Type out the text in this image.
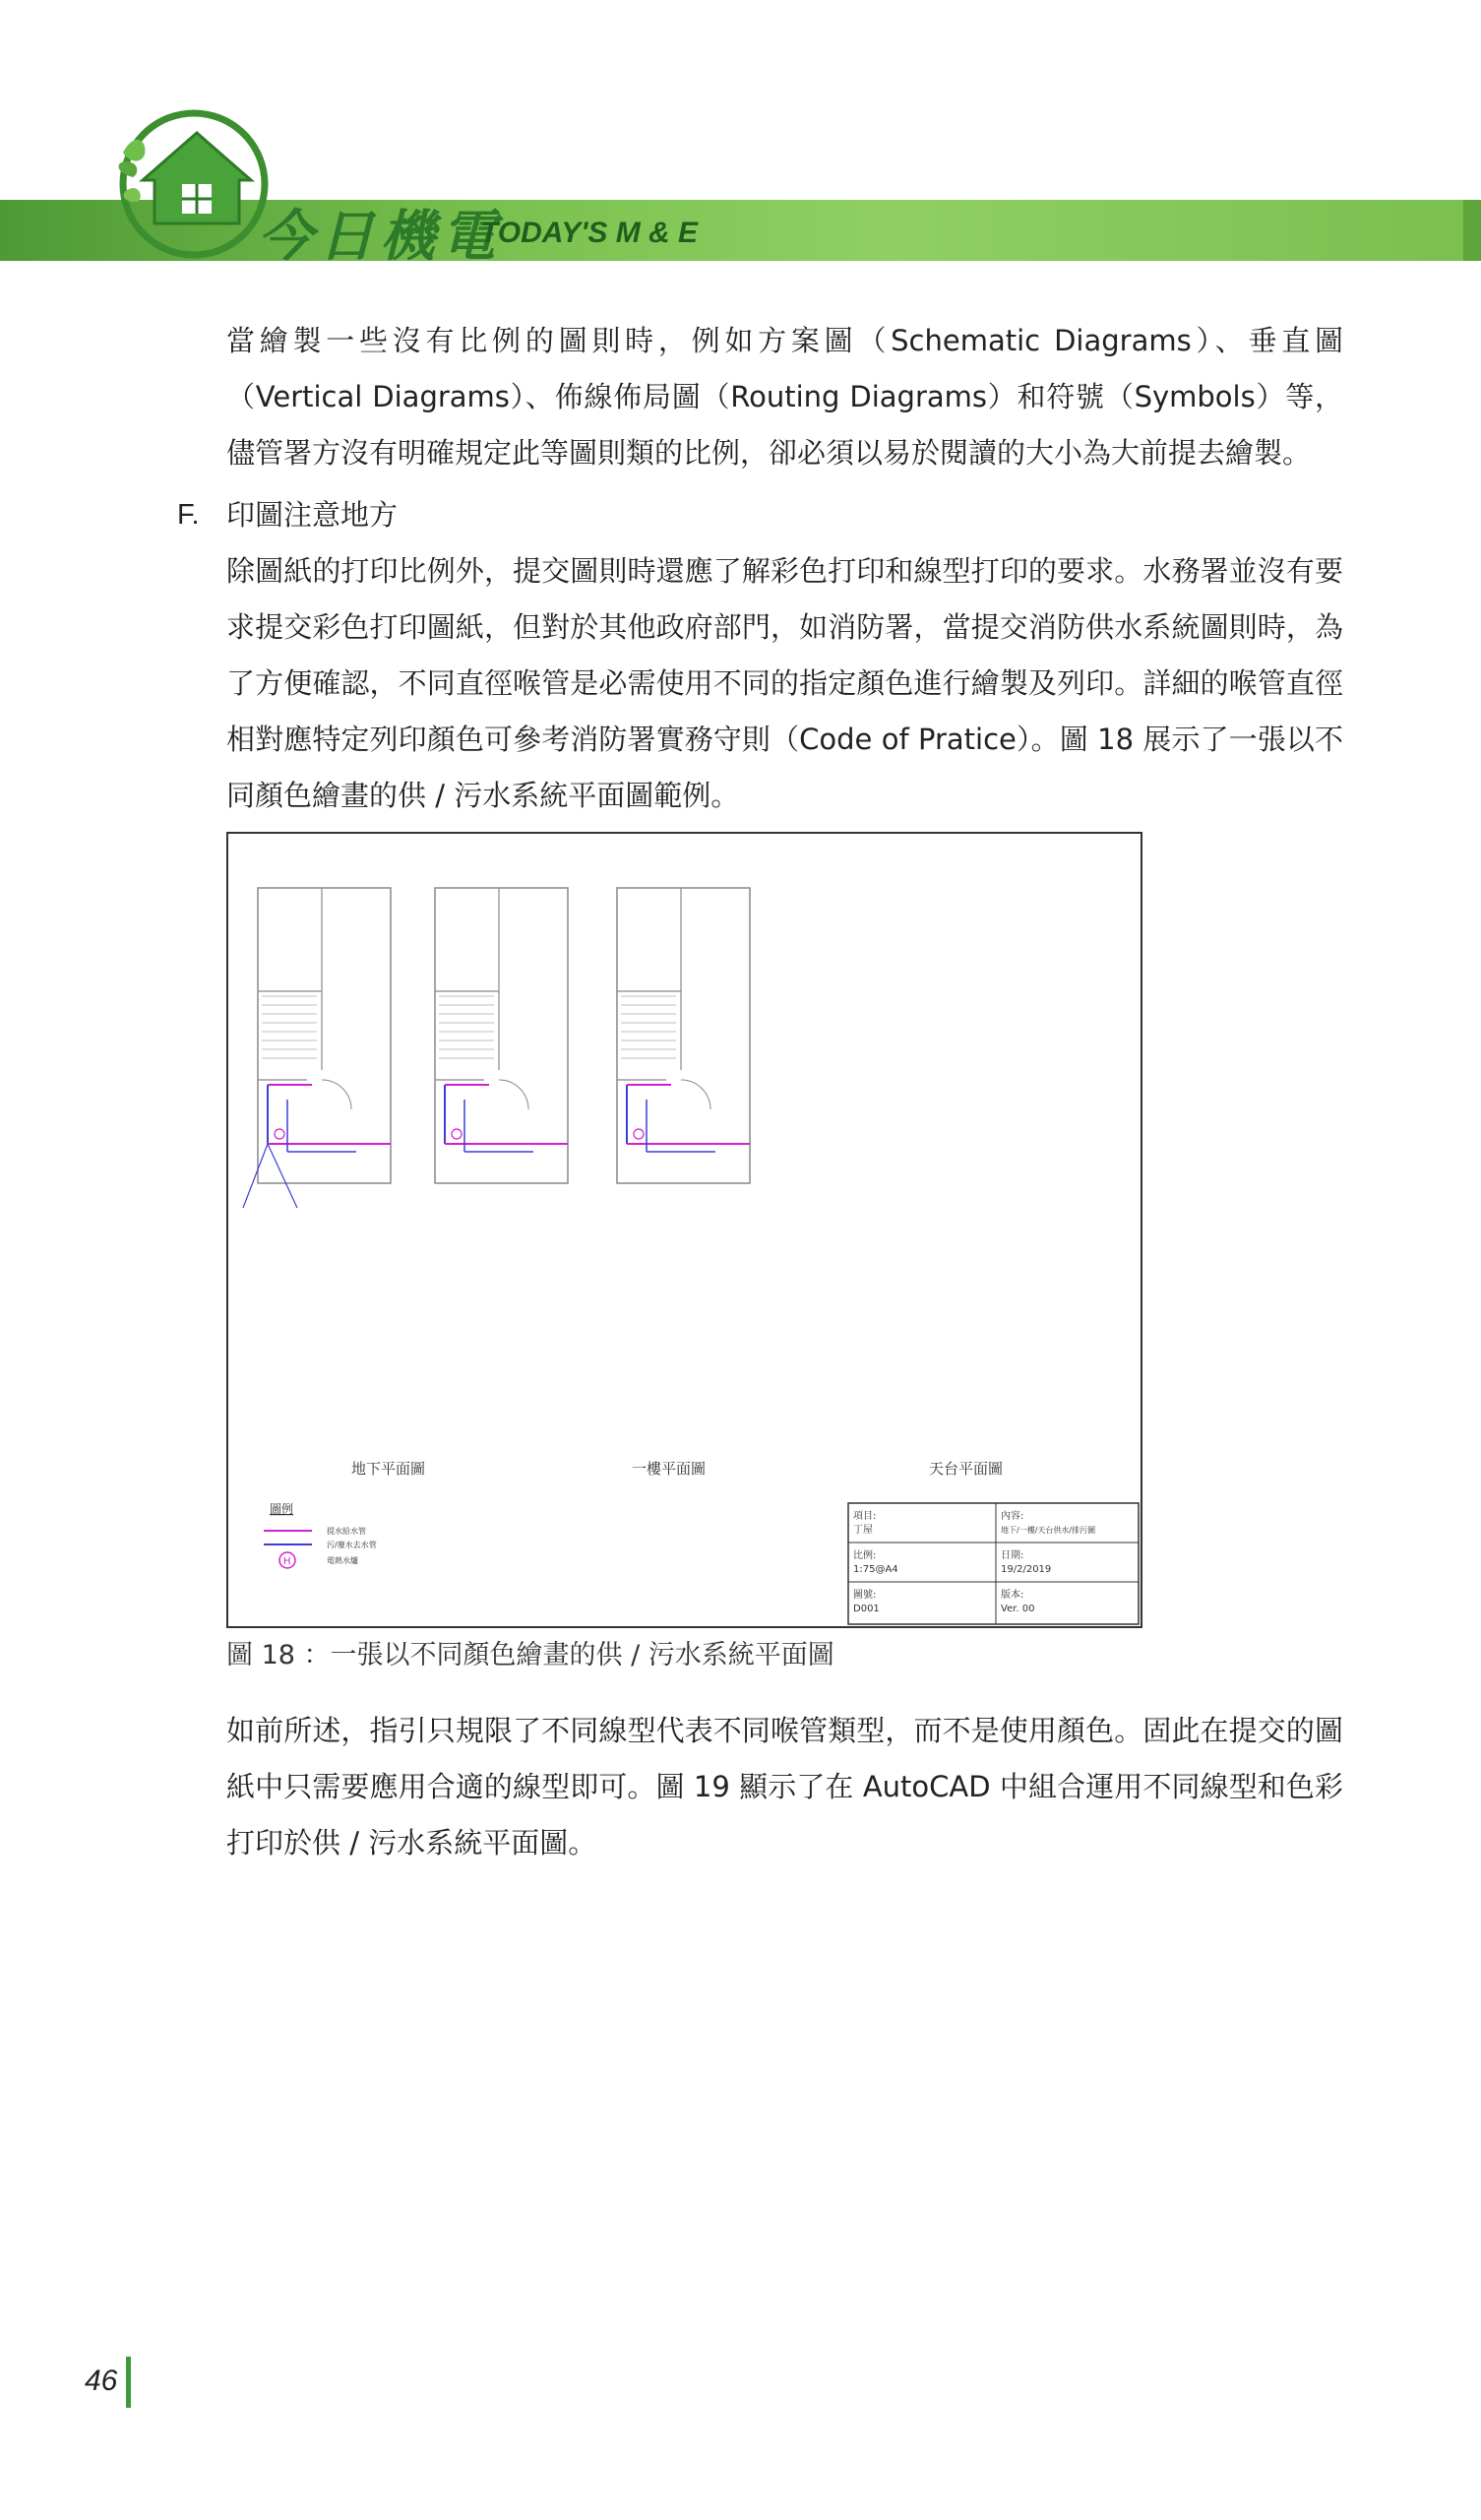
今日機電
TODAY'S M & E

當繪製一些沒有比例的圖則時，例如方案圖（Schematic Diagrams）、垂直圖（Vertical Diagrams）、佈線佈局圖（Routing Diagrams）和符號（Symbols）等，儘管署方沒有明確規定此等圖則類的比例，卻必須以易於閱讀的大小為大前提去繪製。

F. 印圖注意地方

除圖紙的打印比例外，提交圖則時還應了解彩色打印和線型打印的要求。水務署並沒有要求提交彩色打印圖紙，但對於其他政府部門，如消防署，當提交消防供水系統圖則時，為了方便確認，不同直徑喉管是必需使用不同的指定顏色進行繪製及列印。詳細的喉管直徑相對應特定列印顏色可參考消防署實務守則（Code of Pratice）。圖 18 展示了一張以不同顏色繪畫的供 / 污水系統平面圖範例。

地下平面圖	一樓平面圖	天台平面圖
圖例
提水給水管
污/廢水去水管
H	電熱水爐
項目:
丁屋
內容:
地下/一樓/天台供水/排污圖
比例:
1:75@A4
日期:
19/2/2019
圖號:
D001
版本:
Ver. 00
圖 18 ：一張以不同顏色繪畫的供 / 污水系統平面圖

如前所述，指引只規限了不同線型代表不同喉管類型，而不是使用顏色。固此在提交的圖紙中只需要應用合適的線型即可。圖 19 顯示了在 AutoCAD 中組合運用不同線型和色彩打印於供 / 污水系統平面圖。

46
